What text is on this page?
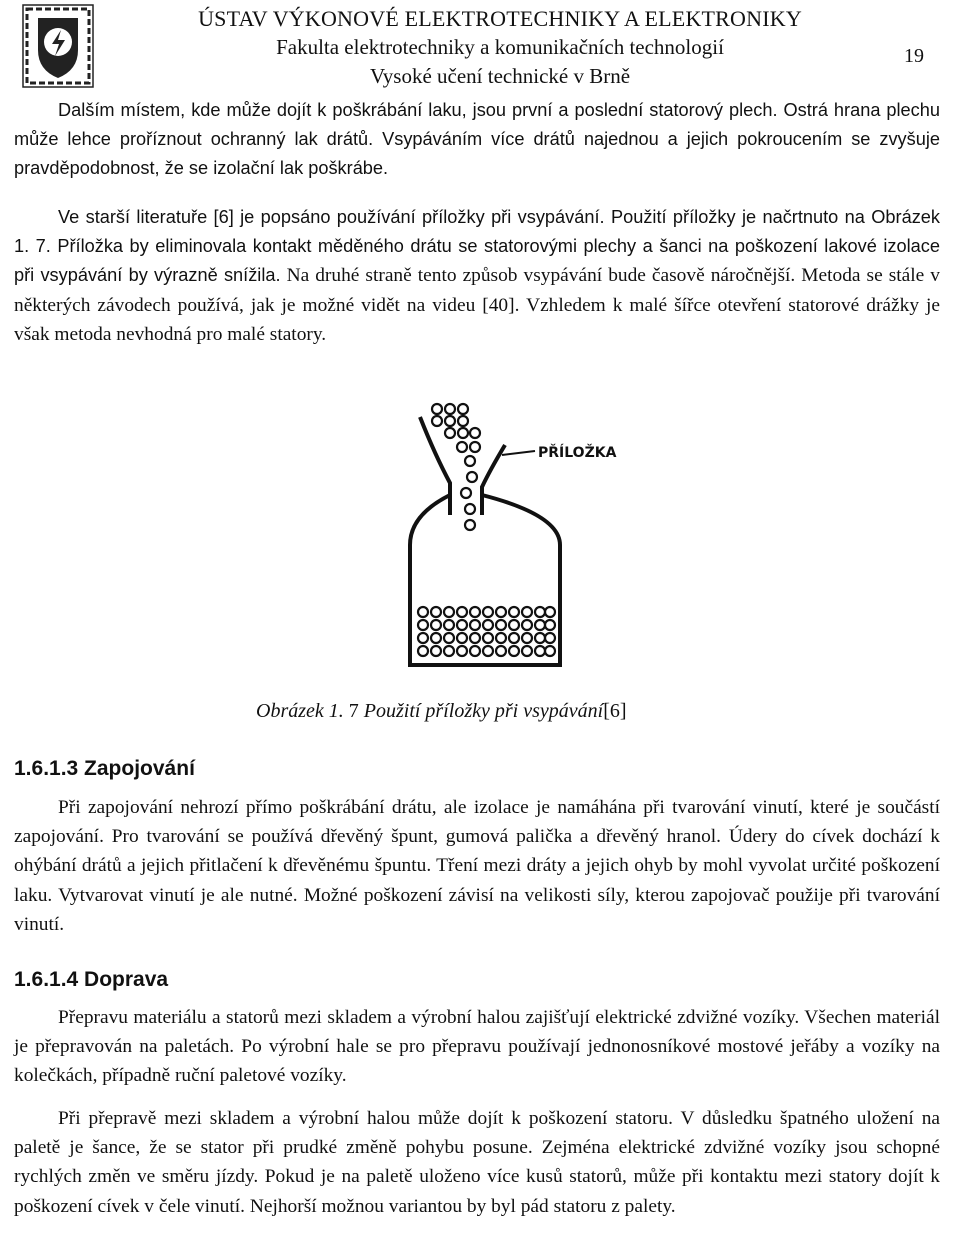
ÚSTAV VÝKONOVÉ ELEKTROTECHNIKY A ELEKTRONIKY
Fakulta elektrotechniky a komunikačních technologií
Vysoké učení technické v Brně
19

Dalším místem, kde může dojít k poškrábání laku, jsou první a poslední statorový plech. Ostrá hrana plechu může lehce proříznout ochranný lak drátů. Vsypáváním více drátů najednou a jejich pokroucením se zvyšuje pravděpodobnost, že se izolační lak poškrábe.

Ve starší literatuře [6] je popsáno používání příložky při vsypávání. Použití příložky je načrtnuto na Obrázek 1. 7. Příložka by eliminovala kontakt měděného drátu se statorovými plechy a šanci na poškození lakové izolace při vsypávání by výrazně snížila. Na druhé straně tento způsob vsypávání bude časově náročnější. Metoda se stále v některých závodech používá, jak je možné vidět na videu [40]. Vzhledem k malé šířce otevření statorové drážky je však metoda nevhodná pro malé statory.

PŘÍLOŽKA
Obrázek 1. 7 Použití příložky při vsypávání[6]
1.6.1.3 Zapojování

Při zapojování nehrozí přímo poškrábání drátu, ale izolace je namáhána při tvarování vinutí, které je součástí zapojování. Pro tvarování se používá dřevěný špunt, gumová palička a dřevěný hranol. Údery do cívek dochází k ohýbání drátů a jejich přitlačení k dřevěnému špuntu. Tření mezi dráty a jejich ohyb by mohl vyvolat určité poškození laku. Vytvarovat vinutí je ale nutné. Možné poškození závisí na velikosti síly, kterou zapojovač použije při tvarování vinutí.

1.6.1.4 Doprava

Přepravu materiálu a statorů mezi skladem a výrobní halou zajišťují elektrické zdvižné vozíky. Všechen materiál je přepravován na paletách. Po výrobní hale se pro přepravu používají jednonosníkové mostové jeřáby a vozíky na kolečkách, případně ruční paletové vozíky.

Při přepravě mezi skladem a výrobní halou může dojít k poškození statoru. V důsledku špatného uložení na paletě je šance, že se stator při prudké změně pohybu posune. Zejména elektrické zdvižné vozíky jsou schopné rychlých změn ve směru jízdy. Pokud je na paletě uloženo více kusů statorů, může při kontaktu mezi statory dojít k poškození cívek v čele vinutí. Nejhorší možnou variantou by byl pád statoru z palety.
